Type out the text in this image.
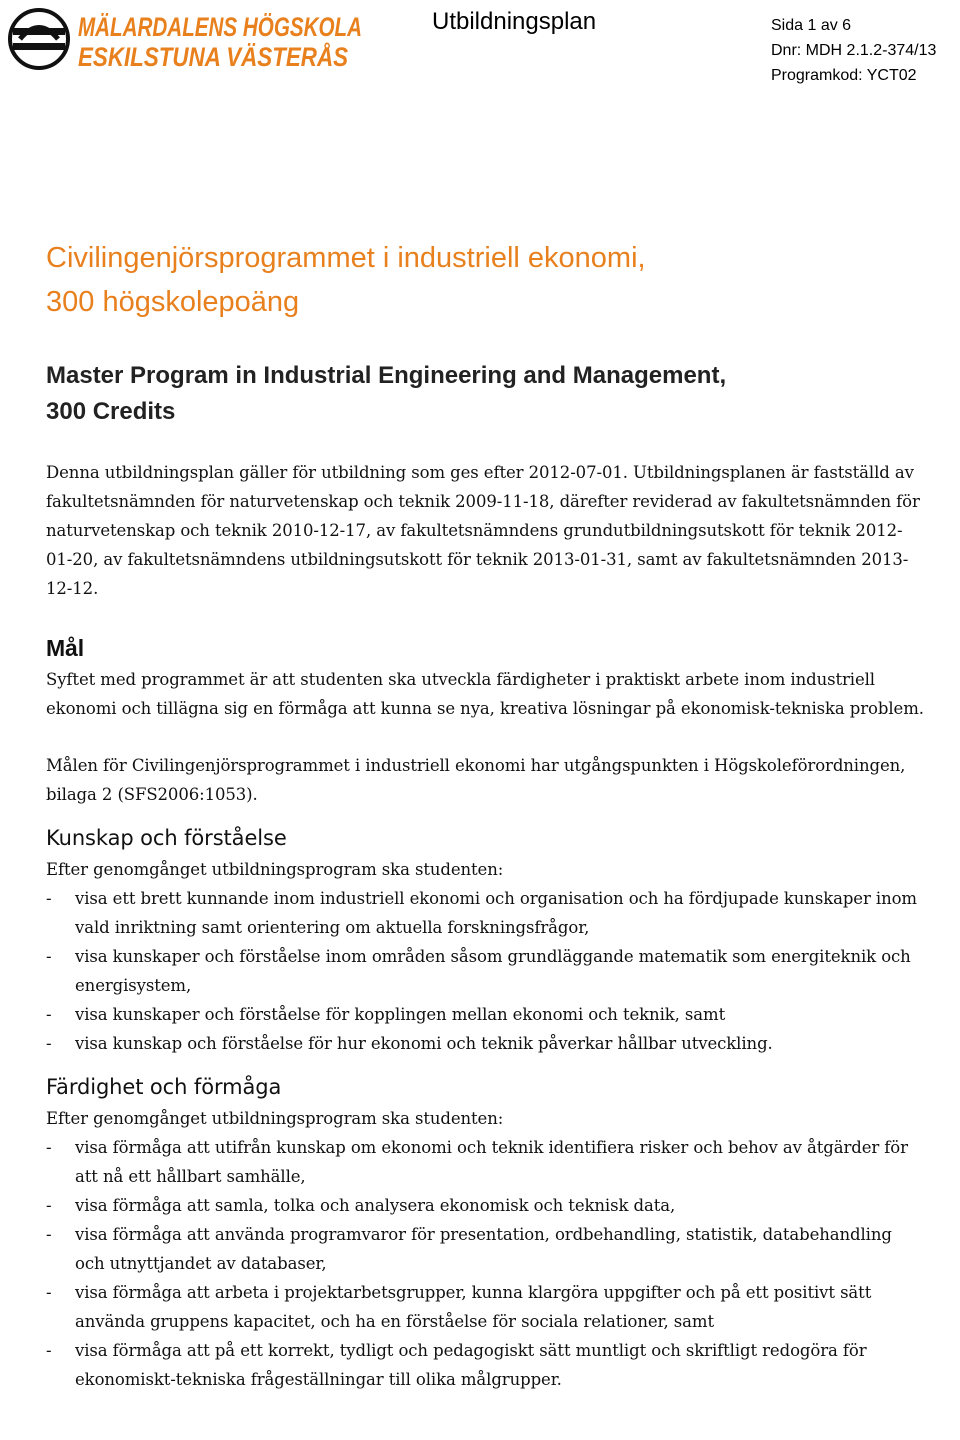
MÄLARDALENS HÖGSKOLA
ESKILSTUNA VÄSTERÅS
Utbildningsplan	Sida 1 av 6
Dnr: MDH 2.1.2-374/13
Programkod: YCT02
Civilingenjörsprogrammet i industriell ekonomi,
300 högskolepoäng
Master Program in Industrial Engineering and Management,
300 Credits

Denna utbildningsplan gäller för utbildning som ges efter 2012-07-01. Utbildningsplanen är fastställd av fakultetsnämnden för naturvetenskap och teknik 2009-11-18, därefter reviderad av fakultetsnämnden för naturvetenskap och teknik 2010-12-17, av fakultetsnämndens grundutbildningsutskott för teknik 2012-01-20, av fakultetsnämndens utbildningsutskott för teknik 2013-01-31, samt av fakultetsnämnden 2013-12-12.

Mål

Syftet med programmet är att studenten ska utveckla färdigheter i praktiskt arbete inom industriell ekonomi och tillägna sig en förmåga att kunna se nya, kreativa lösningar på ekonomisk-tekniska problem.

Målen för Civilingenjörsprogrammet i industriell ekonomi har utgångspunkten i Högskoleförordningen, bilaga 2 (SFS2006:1053).

Kunskap och förståelse

Efter genomgånget utbildningsprogram ska studenten:

- visa ett brett kunnande inom industriell ekonomi och organisation och ha fördjupade kunskaper inom vald inriktning samt orientering om aktuella forskningsfrågor,
- visa kunskaper och förståelse inom områden såsom grundläggande matematik som energiteknik och energisystem,
- visa kunskaper och förståelse för kopplingen mellan ekonomi och teknik, samt
- visa kunskap och förståelse för hur ekonomi och teknik påverkar hållbar utveckling.
Färdighet och förmåga

Efter genomgånget utbildningsprogram ska studenten:

- visa förmåga att utifrån kunskap om ekonomi och teknik identifiera risker och behov av åtgärder för att nå ett hållbart samhälle,
- visa förmåga att samla, tolka och analysera ekonomisk och teknisk data,
- visa förmåga att använda programvaror för presentation, ordbehandling, statistik, databehandling och utnyttjandet av databaser,
- visa förmåga att arbeta i projektarbetsgrupper, kunna klargöra uppgifter och på ett positivt sätt använda gruppens kapacitet, och ha en förståelse för sociala relationer, samt
- visa förmåga att på ett korrekt, tydligt och pedagogiskt sätt muntligt och skriftligt redogöra för ekonomiskt-tekniska frågeställningar till olika målgrupper.
